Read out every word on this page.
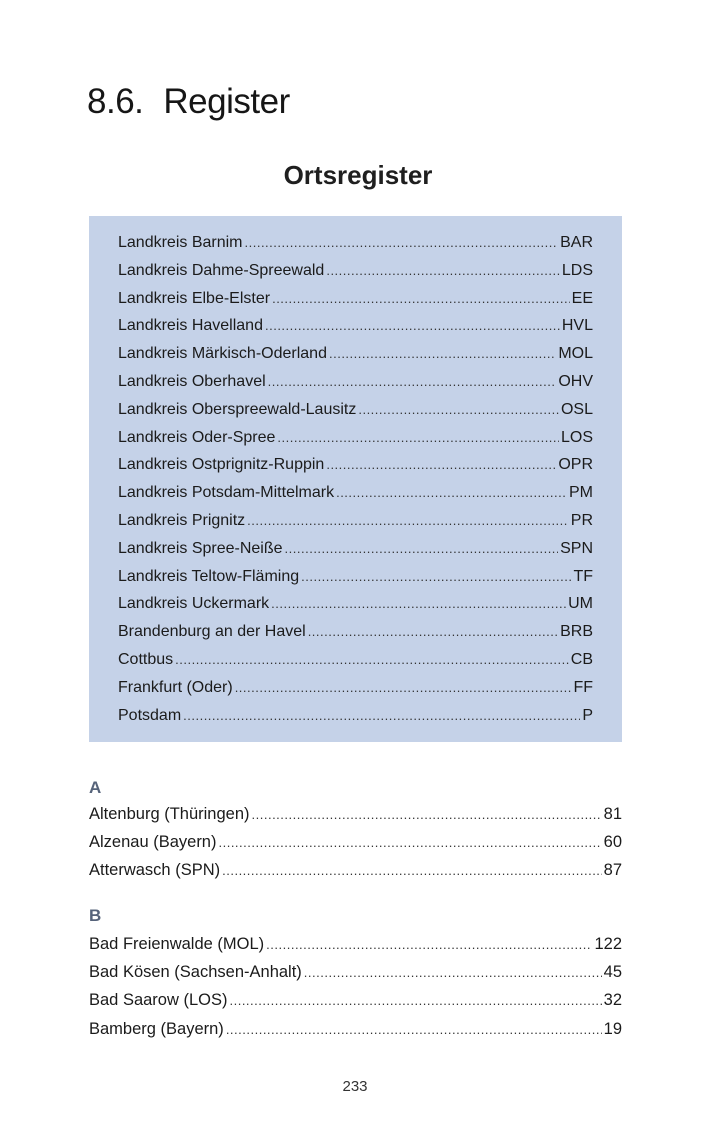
8.6. Register
Ortsregister
Landkreis Barnim .....	BAR
Landkreis Dahme-Spreewald .....	LDS
Landkreis Elbe-Elster .....	EE
Landkreis Havelland .....	HVL
Landkreis Märkisch-Oderland .....	MOL
Landkreis Oberhavel .....	OHV
Landkreis Oberspreewald-Lausitz .....	OSL
Landkreis Oder-Spree .....	LOS
Landkreis Ostprignitz-Ruppin .....	OPR
Landkreis Potsdam-Mittelmark .....	PM
Landkreis Prignitz .....	PR
Landkreis Spree-Neiße .....	SPN
Landkreis Teltow-Fläming .....	TF
Landkreis Uckermark .....	UM
Brandenburg an der Havel .....	BRB
Cottbus .....	CB
Frankfurt (Oder) .....	FF
Potsdam .....	P
A
Altenburg (Thüringen) .....	81
Alzenau (Bayern) .....	60
Atterwasch (SPN) .....	87
B
Bad Freienwalde (MOL) .....	122
Bad Kösen (Sachsen-Anhalt) .....	45
Bad Saarow (LOS) .....	32
Bamberg (Bayern) .....	19
233
